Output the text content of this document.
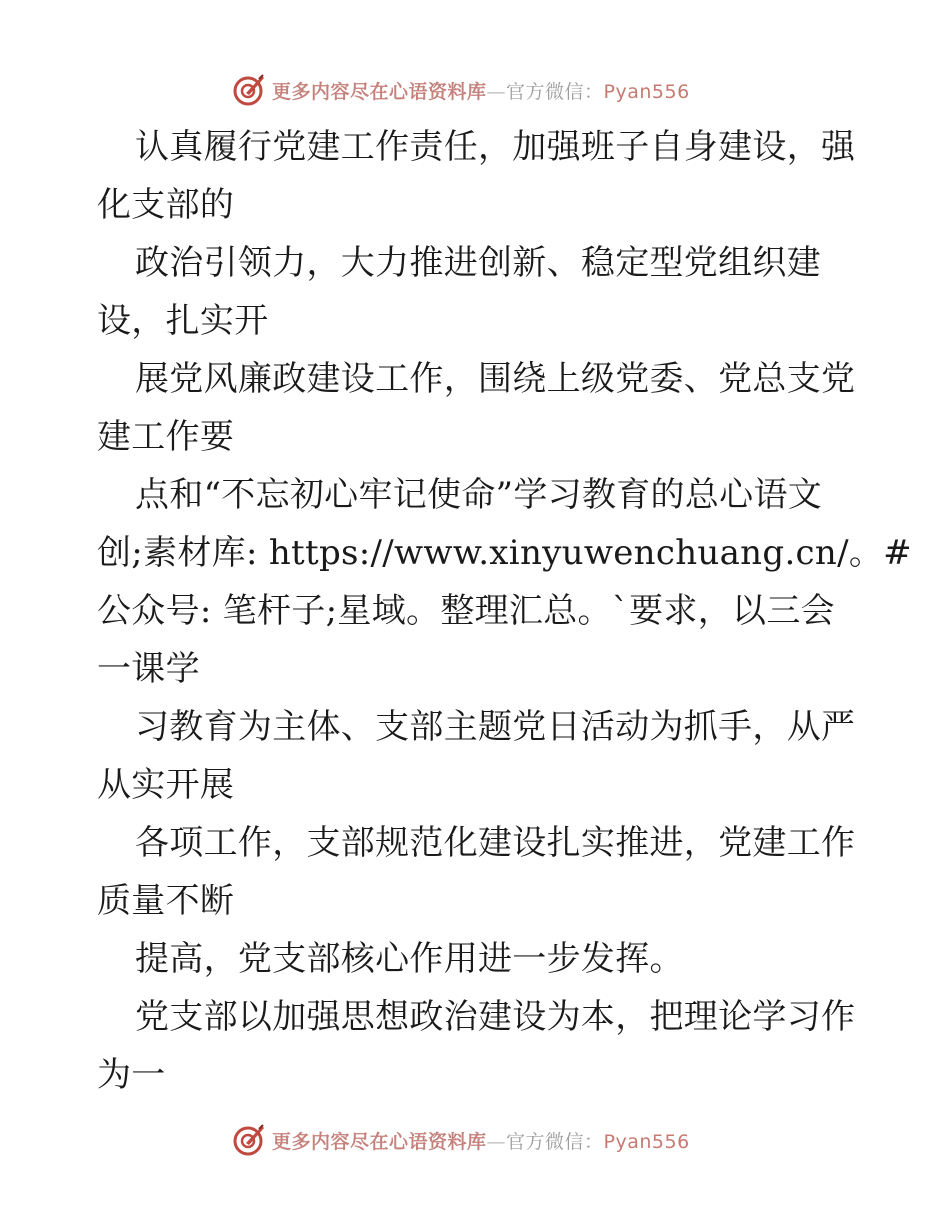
更多内容尽在心语资料库—官方微信：Pyan556
认真履行党建工作责任，加强班子自身建设，强
化支部的
政治引领力，大力推进创新、稳定型党组织建
设，扎实开
展党风廉政建设工作，围绕上级党委、党总支党
建工作要
点和“不忘初心牢记使命”学习教育的总心语文
创;素材库: https://www.xinyuwenchuang.cn/。#
公众号: 笔杆子;星域。整理汇总。`要求，以三会
一课学
习教育为主体、支部主题党日活动为抓手，从严
从实开展
各项工作，支部规范化建设扎实推进，党建工作
质量不断
提高，党支部核心作用进一步发挥。
党支部以加强思想政治建设为本，把理论学习作
为一
更多内容尽在心语资料库—官方微信：Pyan556
